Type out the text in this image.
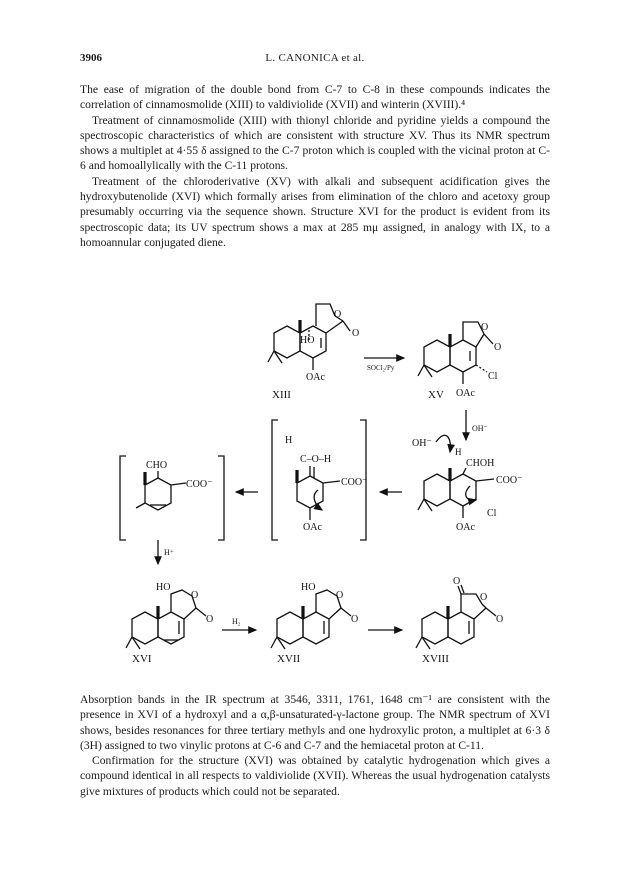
3906	L. CANONICA et al.

The ease of migration of the double bond from C-7 to C-8 in these compounds indicates the correlation of cinnamosmolide (XIII) to valdiviolide (XVII) and winterin (XVIII).⁴

Treatment of cinnamosmolide (XIII) with thionyl chloride and pyridine yields a compound the spectroscopic characteristics of which are consistent with structure XV. Thus its NMR spectrum shows a multiplet at 4·55 δ assigned to the C-7 proton which is coupled with the vicinal proton at C-6 and homoallylically with the C-11 protons.

Treatment of the chloroderivative (XV) with alkali and subsequent acidification gives the hydroxybutenolide (XVI) which formally arises from elimination of the chloro and acetoxy group presumably occurring via the sequence shown. Structure XVI for the product is evident from its spectroscopic data; its UV spectrum shows a max at 285 mμ assigned, in analogy with IX, to a homoannular conjugated diene.

O
O
HO
OAc
XIII
SOCl₂/Py
O
O
Cl
OAc
XV
OH⁻
OH⁻
H
CHOH
COO⁻
Cl
OAc
H
C–O–H
COO⁻
OAc
CHO
COO⁻
H⁺
HO
O
O
XVI
H₂
HO
O
O
XVII
O
O
O
XVIII

Absorption bands in the IR spectrum at 3546, 3311, 1761, 1648 cm⁻¹ are consistent with the presence in XVI of a hydroxyl and a α,β-unsaturated-γ-lactone group. The NMR spectrum of XVI shows, besides resonances for three tertiary methyls and one hydroxylic proton, a multiplet at 6·3 δ (3H) assigned to two vinylic protons at C-6 and C-7 and the hemiacetal proton at C-11.

Confirmation for the structure (XVI) was obtained by catalytic hydrogenation which gives a compound identical in all respects to valdiviolide (XVII). Whereas the usual hydrogenation catalysts give mixtures of products which could not be separated.
